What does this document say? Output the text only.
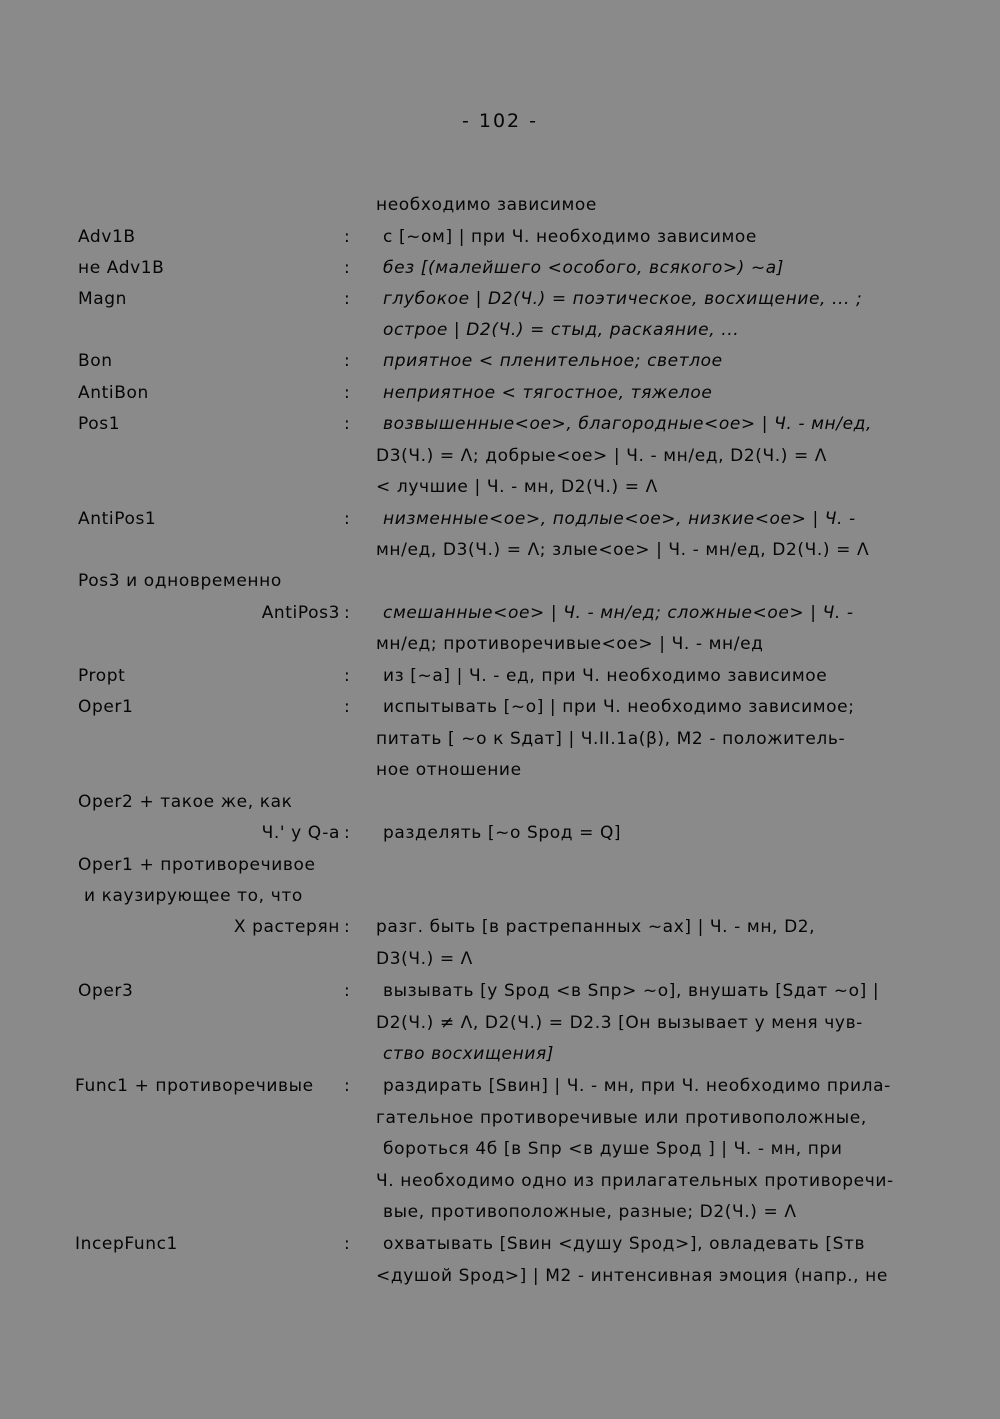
- 102 -
необходимо зависимое
Adv1B	: с [~ом] | при Ч. необходимо зависимое
не Adv1B	: без [(малейшего <особого, всякого>) ~а]
Magn	: глубокое | D2(Ч.) = поэтическое, восхищение, ... ;
острое | D2(Ч.) = стыд, раскаяние, ...
Bon	: приятное < пленительное; светлое
AntiBon	: неприятное < тягостное, тяжелое
Pos1	: возвышенные<ое>, благородные<ое> | Ч. - мн/ед,
D3(Ч.) = Λ; добрые<ое> | Ч. - мн/ед, D2(Ч.) = Λ
< лучшие | Ч. - мн, D2(Ч.) = Λ
AntiPos1	: низменные<ое>, подлые<ое>, низкие<ое> | Ч. -
мн/ед, D3(Ч.) = Λ; злые<ое> | Ч. - мн/ед, D2(Ч.) = Λ
Pos3 и одновременно
AntiPos3 : смешанные<ое> | Ч. - мн/ед; сложные<ое> | Ч. -
мн/ед; противоречивые<ое> | Ч. - мн/ед
Propt	: из [~а] | Ч. - ед, при Ч. необходимо зависимое
Oper1	: испытывать [~о] | при Ч. необходимо зависимое;
питать [ ~о к Sдат] | Ч.II.1а(β), M2 - положитель-
ное отношение
Oper2 + такое же, как
Ч.' у Q-а : разделять [~о Sрод = Q]
Oper1 + противоречивое
и каузирующее то, что
X растерян : разг. быть [в растрепанных ~ах] | Ч. - мн, D2,
D3(Ч.) = Λ
Oper3	: вызывать [у Sрод <в Sпр> ~о], внушать [Sдат ~о] |
D2(Ч.) ≠ Λ, D2(Ч.) = D2.3 [Он вызывает у меня чув-
ство восхищения]
Func1 + противоречивые : раздирать [Sвин] | Ч. - мн, при Ч. необходимо прила-
гательное противоречивые или противоположные,
бороться 4б [в Sпр <в душе Sрод ] | Ч. - мн, при
Ч. необходимо одно из прилагательных противоречи-
вые, противоположные, разные; D2(Ч.) = Λ
IncepFunc1	: охватывать [Sвин <душу Sрод>], овладевать [Sтв
<душой Sрод>] | M2 - интенсивная эмоция (напр., не
